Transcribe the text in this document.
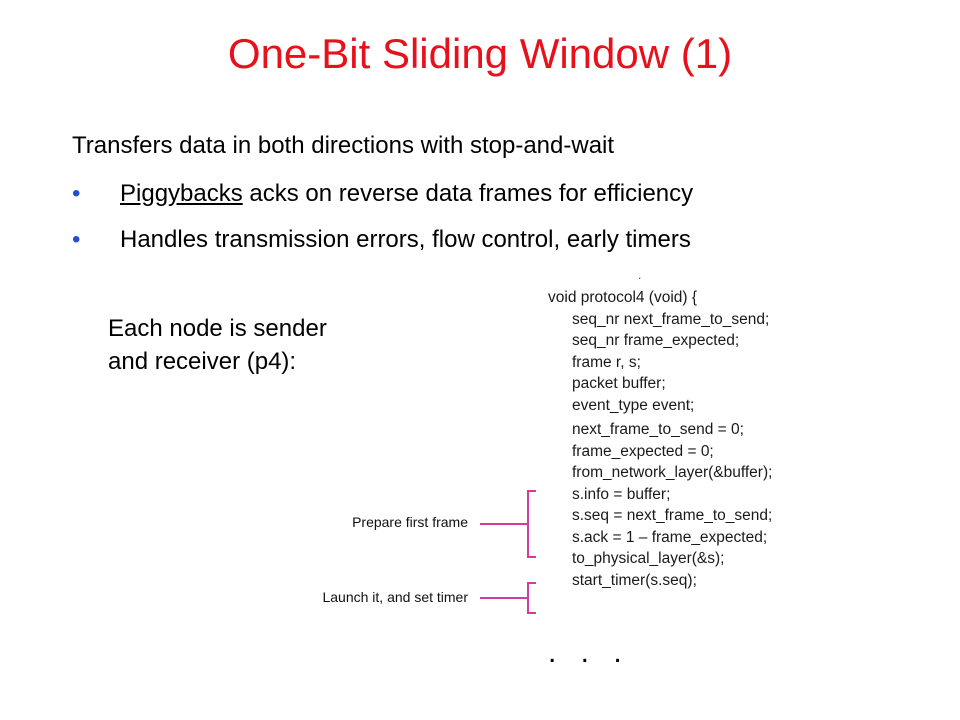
One-Bit Sliding Window (1)
Transfers data in both directions with stop-and-wait
• Piggybacks acks on reverse data frames for efficiency
• Handles transmission errors, flow control, early timers
Each node is sender
and receiver (p4):
.
void protocol4 (void) {
seq_nr next_frame_to_send;
seq_nr frame_expected;
frame r, s;
packet buffer;
event_type event;
next_frame_to_send = 0;
frame_expected = 0;
from_network_layer(&buffer);
s.info = buffer;
s.seq = next_frame_to_send;
s.ack = 1 – frame_expected;
to_physical_layer(&s);
start_timer(s.seq);
Prepare first frame
Launch it, and set timer
. . .
